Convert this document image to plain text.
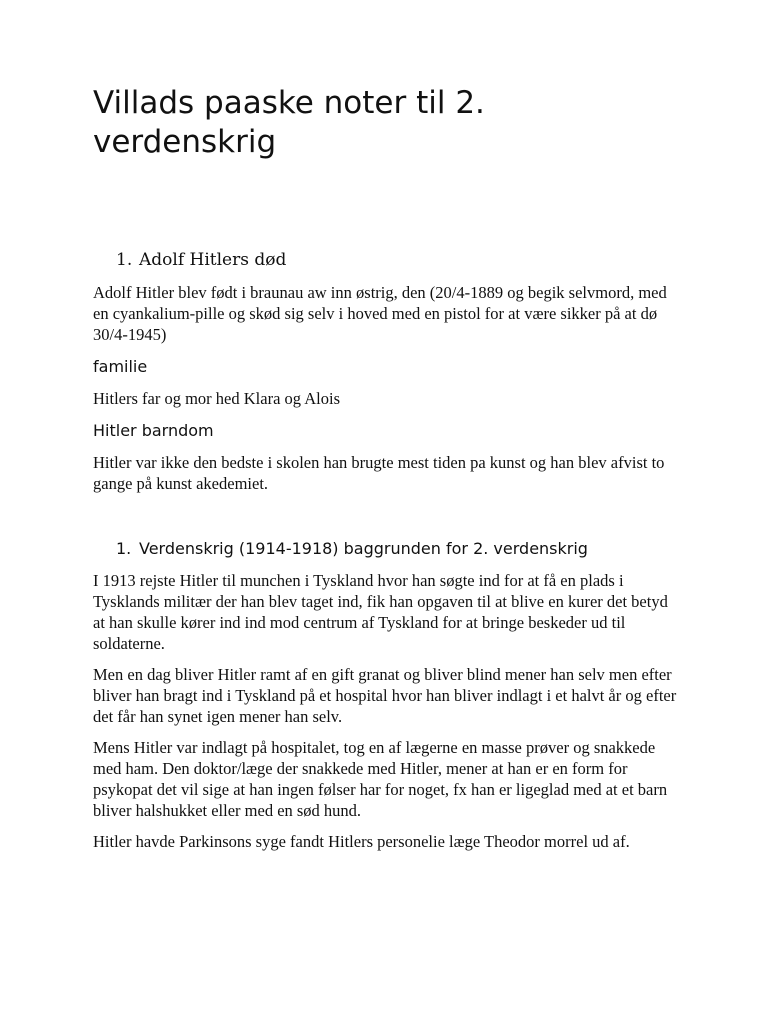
Villads paaske noter til 2. verdenskrig
1. Adolf Hitlers død

Adolf Hitler blev født i braunau aw inn østrig, den (20/4-1889 og begik selvmord, med en cyankalium-pille og skød sig selv i hoved med en pistol for at være sikker på at dø 30/4-1945)

familie

Hitlers far og mor hed Klara og Alois

Hitler barndom

Hitler var ikke den bedste i skolen han brugte mest tiden pa kunst og han blev afvist to gange på kunst akedemiet.

1. Verdenskrig (1914-1918) baggrunden for 2. verdenskrig

I 1913 rejste Hitler til munchen i Tyskland hvor han søgte ind for at få en plads i Tysklands militær der han blev taget ind, fik han opgaven til at blive en kurer det betyd at han skulle kører ind ind mod centrum af Tyskland for at bringe beskeder ud til soldaterne.

Men en dag bliver Hitler ramt af en gift granat og bliver blind mener han selv men efter bliver han bragt ind i Tyskland på et hospital hvor han bliver indlagt i et halvt år og efter det får han synet igen mener han selv.

Mens Hitler var indlagt på hospitalet, tog en af lægerne en masse prøver og snakkede med ham. Den doktor/læge der snakkede med Hitler, mener at han er en form for psykopat det vil sige at han ingen følser har for noget, fx han er ligeglad med at et barn bliver halshukket eller med en sød hund.

Hitler havde Parkinsons syge fandt Hitlers personelie læge Theodor morrel ud af.
